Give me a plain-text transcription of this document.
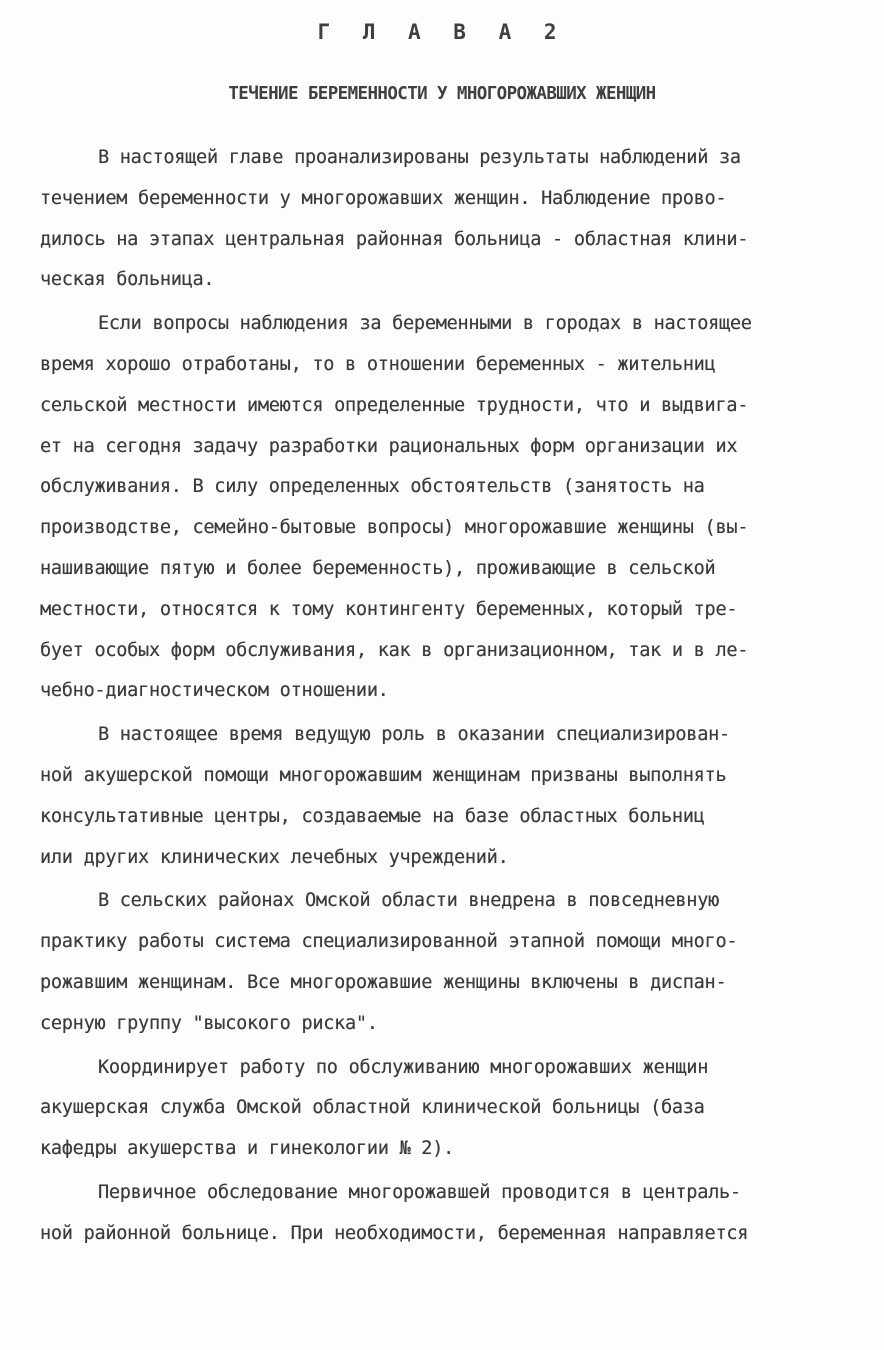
Г Л А В А 2
ТЕЧЕНИЕ БЕРЕМЕННОСТИ У МНОГОРОЖАВШИХ ЖЕНЩИН
В настоящей главе проанализированы результаты наблюдений за
течением беременности у многорожавших женщин. Наблюдение прово-
дилось на этапах центральная районная больница - областная клини-
ческая больница.
Если вопросы наблюдения за беременными в городах в настоящее
время хорошо отработаны, то в отношении беременных - жительниц
сельской местности имеются определенные трудности, что и выдвига-
ет на сегодня задачу разработки рациональных форм организации их
обслуживания. В силу определенных обстоятельств (занятость на
производстве, семейно-бытовые вопросы) многорожавшие женщины (вы-
нашивающие пятую и более беременность), проживающие в сельской
местности, относятся к тому контингенту беременных, который тре-
бует особых форм обслуживания, как в организационном, так и в ле-
чебно-диагностическом отношении.
В настоящее время ведущую роль в оказании специализирован-
ной акушерской помощи многорожавшим женщинам призваны выполнять
консультативные центры, создаваемые на базе областных больниц
или других клинических лечебных учреждений.
В сельских районах Омской области внедрена в повседневную
практику работы система специализированной этапной помощи много-
рожавшим женщинам. Все многорожавшие женщины включены в диспан-
серную группу "высокого риска".
Координирует работу по обслуживанию многорожавших женщин
акушерская служба Омской областной клинической больницы (база
кафедры акушерства и гинекологии № 2).
Первичное обследование многорожавшей проводится в централь-
ной районной больнице. При необходимости, беременная направляется
